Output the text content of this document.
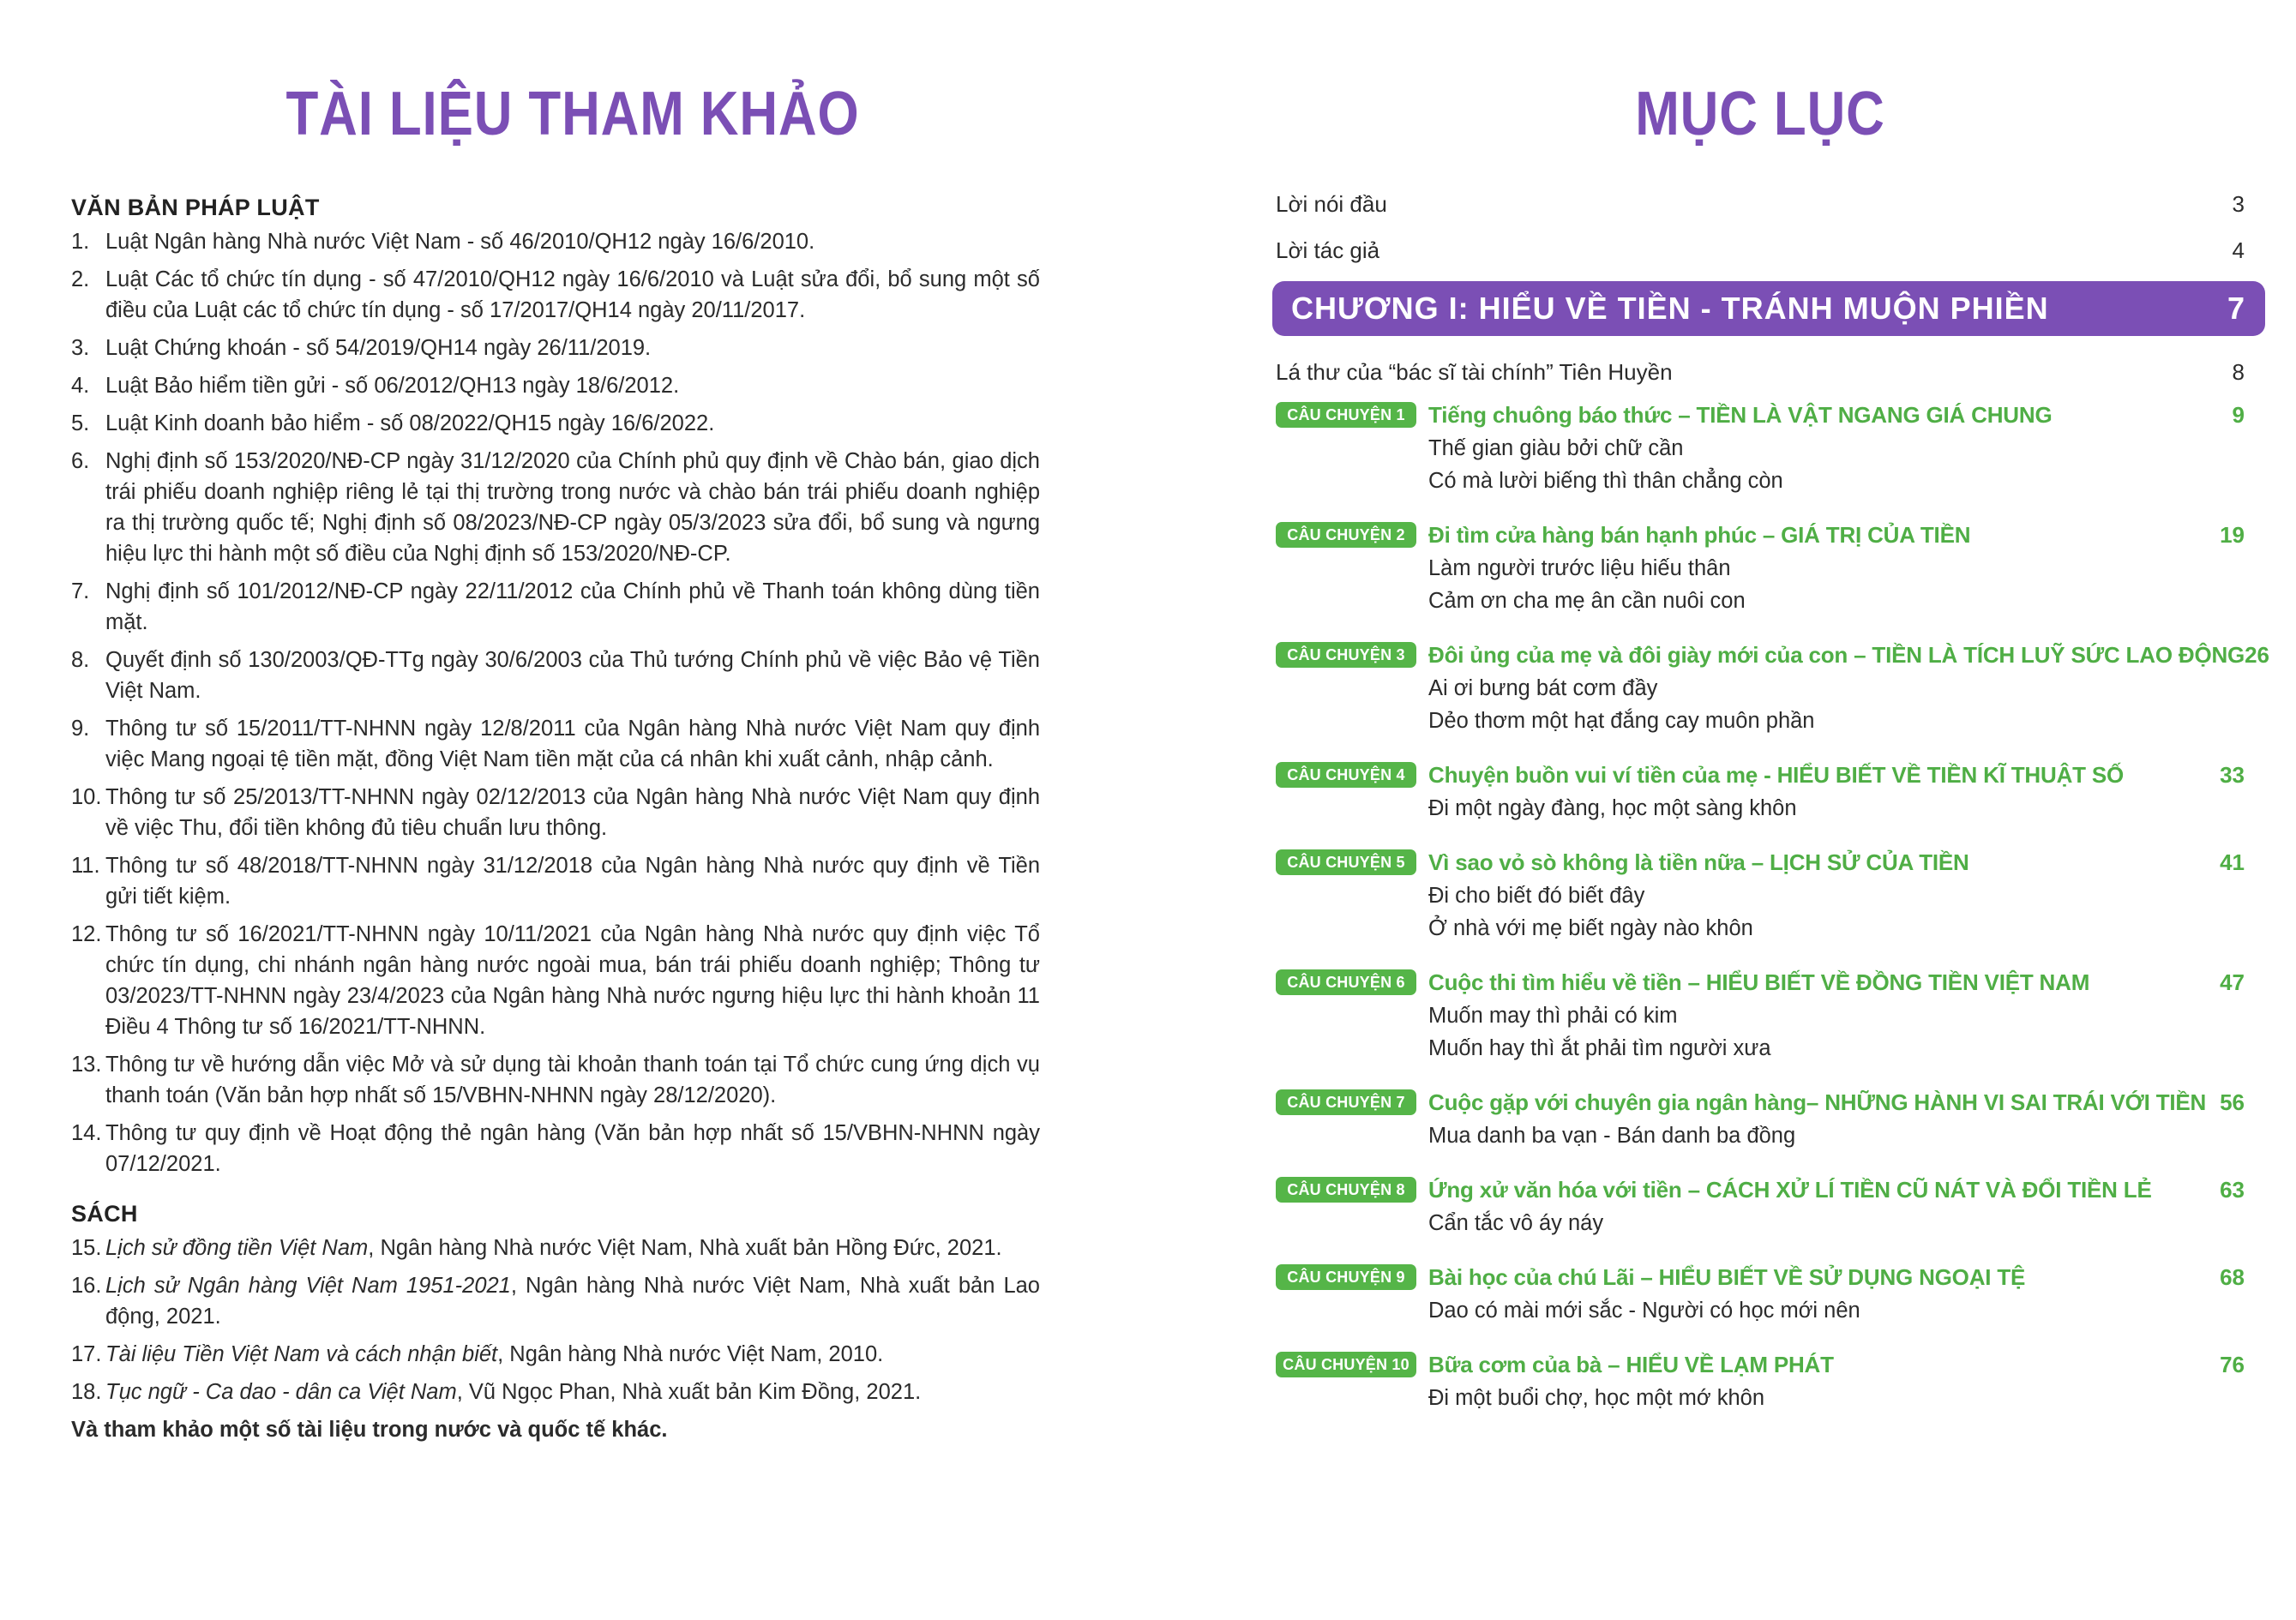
TÀI LIỆU THAM KHẢO
VĂN BẢN PHÁP LUẬT
1. Luật Ngân hàng Nhà nước Việt Nam - số 46/2010/QH12 ngày 16/6/2010.
2. Luật Các tổ chức tín dụng - số 47/2010/QH12 ngày 16/6/2010 và Luật sửa đổi, bổ sung một số điều của Luật các tổ chức tín dụng - số 17/2017/QH14 ngày 20/11/2017.
3. Luật Chứng khoán - số 54/2019/QH14 ngày 26/11/2019.
4. Luật Bảo hiểm tiền gửi - số 06/2012/QH13 ngày 18/6/2012.
5. Luật Kinh doanh bảo hiểm - số 08/2022/QH15 ngày 16/6/2022.
6. Nghị định số 153/2020/NĐ-CP ngày 31/12/2020 của Chính phủ quy định về Chào bán, giao dịch trái phiếu doanh nghiệp riêng lẻ tại thị trường trong nước và chào bán trái phiếu doanh nghiệp ra thị trường quốc tế; Nghị định số 08/2023/NĐ-CP ngày 05/3/2023 sửa đổi, bổ sung và ngưng hiệu lực thi hành một số điều của Nghị định số 153/2020/NĐ-CP.
7. Nghị định số 101/2012/NĐ-CP ngày 22/11/2012 của Chính phủ về Thanh toán không dùng tiền mặt.
8. Quyết định số 130/2003/QĐ-TTg ngày 30/6/2003 của Thủ tướng Chính phủ về việc Bảo vệ Tiền Việt Nam.
9. Thông tư số 15/2011/TT-NHNN ngày 12/8/2011 của Ngân hàng Nhà nước Việt Nam quy định việc Mang ngoại tệ tiền mặt, đồng Việt Nam tiền mặt của cá nhân khi xuất cảnh, nhập cảnh.
10. Thông tư số 25/2013/TT-NHNN ngày 02/12/2013 của Ngân hàng Nhà nước Việt Nam quy định về việc Thu, đổi tiền không đủ tiêu chuẩn lưu thông.
11. Thông tư số 48/2018/TT-NHNN ngày 31/12/2018 của Ngân hàng Nhà nước quy định về Tiền gửi tiết kiệm.
12. Thông tư số 16/2021/TT-NHNN ngày 10/11/2021 của Ngân hàng Nhà nước quy định việc Tổ chức tín dụng, chi nhánh ngân hàng nước ngoài mua, bán trái phiếu doanh nghiệp; Thông tư 03/2023/TT-NHNN ngày 23/4/2023 của Ngân hàng Nhà nước ngưng hiệu lực thi hành khoản 11 Điều 4 Thông tư số 16/2021/TT-NHNN.
13. Thông tư về hướng dẫn việc Mở và sử dụng tài khoản thanh toán tại Tổ chức cung ứng dịch vụ thanh toán (Văn bản hợp nhất số 15/VBHN-NHNN ngày 28/12/2020).
14. Thông tư quy định về Hoạt động thẻ ngân hàng (Văn bản hợp nhất số 15/VBHN-NHNN ngày 07/12/2021.
SÁCH
15. Lịch sử đồng tiền Việt Nam, Ngân hàng Nhà nước Việt Nam, Nhà xuất bản Hồng Đức, 2021.
16. Lịch sử Ngân hàng Việt Nam 1951-2021, Ngân hàng Nhà nước Việt Nam, Nhà xuất bản Lao động, 2021.
17. Tài liệu Tiền Việt Nam và cách nhận biết, Ngân hàng Nhà nước Việt Nam, 2010.
18. Tục ngữ - Ca dao - dân ca Việt Nam, Vũ Ngọc Phan, Nhà xuất bản Kim Đồng, 2021.
Và tham khảo một số tài liệu trong nước và quốc tế khác.
MỤC LỤC
Lời nói đầu	3
Lời tác giả	4
CHƯƠNG I: HIỂU VỀ TIỀN - TRÁNH MUỘN PHIỀN	7
Lá thư của “bác sĩ tài chính” Tiên Huyền	8
CÂU CHUYỆN 1	Tiếng chuông báo thức – TIỀN LÀ VẬT NGANG GIÁ CHUNG	9
Thế gian giàu bởi chữ cần
Có mà lười biếng thì thân chẳng còn
CÂU CHUYỆN 2	Đi tìm cửa hàng bán hạnh phúc – GIÁ TRỊ CỦA TIỀN	19
Làm người trước liệu hiếu thân
Cảm ơn cha mẹ ân cần nuôi con
CÂU CHUYỆN 3	Đôi ủng của mẹ và đôi giày mới của con – TIỀN LÀ TÍCH LUỸ SỨC LAO ĐỘNG 26
Ai ơi bưng bát cơm đầy
Dẻo thơm một hạt đắng cay muôn phần
CÂU CHUYỆN 4	Chuyện buồn vui ví tiền của mẹ - HIỂU BIẾT VỀ TIỀN KĨ THUẬT SỐ	33
Đi một ngày đàng, học một sàng khôn
CÂU CHUYỆN 5	Vì sao vỏ sò không là tiền nữa – LỊCH SỬ CỦA TIỀN	41
Đi cho biết đó biết đây
Ở nhà với mẹ biết ngày nào khôn
CÂU CHUYỆN 6	Cuộc thi tìm hiểu về tiền – HIỂU BIẾT VỀ ĐỒNG TIỀN VIỆT NAM	47
Muốn may thì phải có kim
Muốn hay thì ắt phải tìm người xưa
CÂU CHUYỆN 7	Cuộc gặp với chuyên gia ngân hàng– NHỮNG HÀNH VI SAI TRÁI VỚI TIỀN 56
Mua danh ba vạn - Bán danh ba đồng
CÂU CHUYỆN 8	Ứng xử văn hóa với tiền – CÁCH XỬ LÍ TIỀN CŨ NÁT VÀ ĐỔI TIỀN LẺ	63
Cẩn tắc vô áy náy
CÂU CHUYỆN 9	Bài học của chú Lãi – HIỂU BIẾT VỀ SỬ DỤNG NGOẠI TỆ	68
Dao có mài mới sắc - Người có học mới nên
CÂU CHUYỆN 10 Bữa cơm của bà – HIỂU VỀ LẠM PHÁT	76
Đi một buổi chợ, học một mớ khôn
